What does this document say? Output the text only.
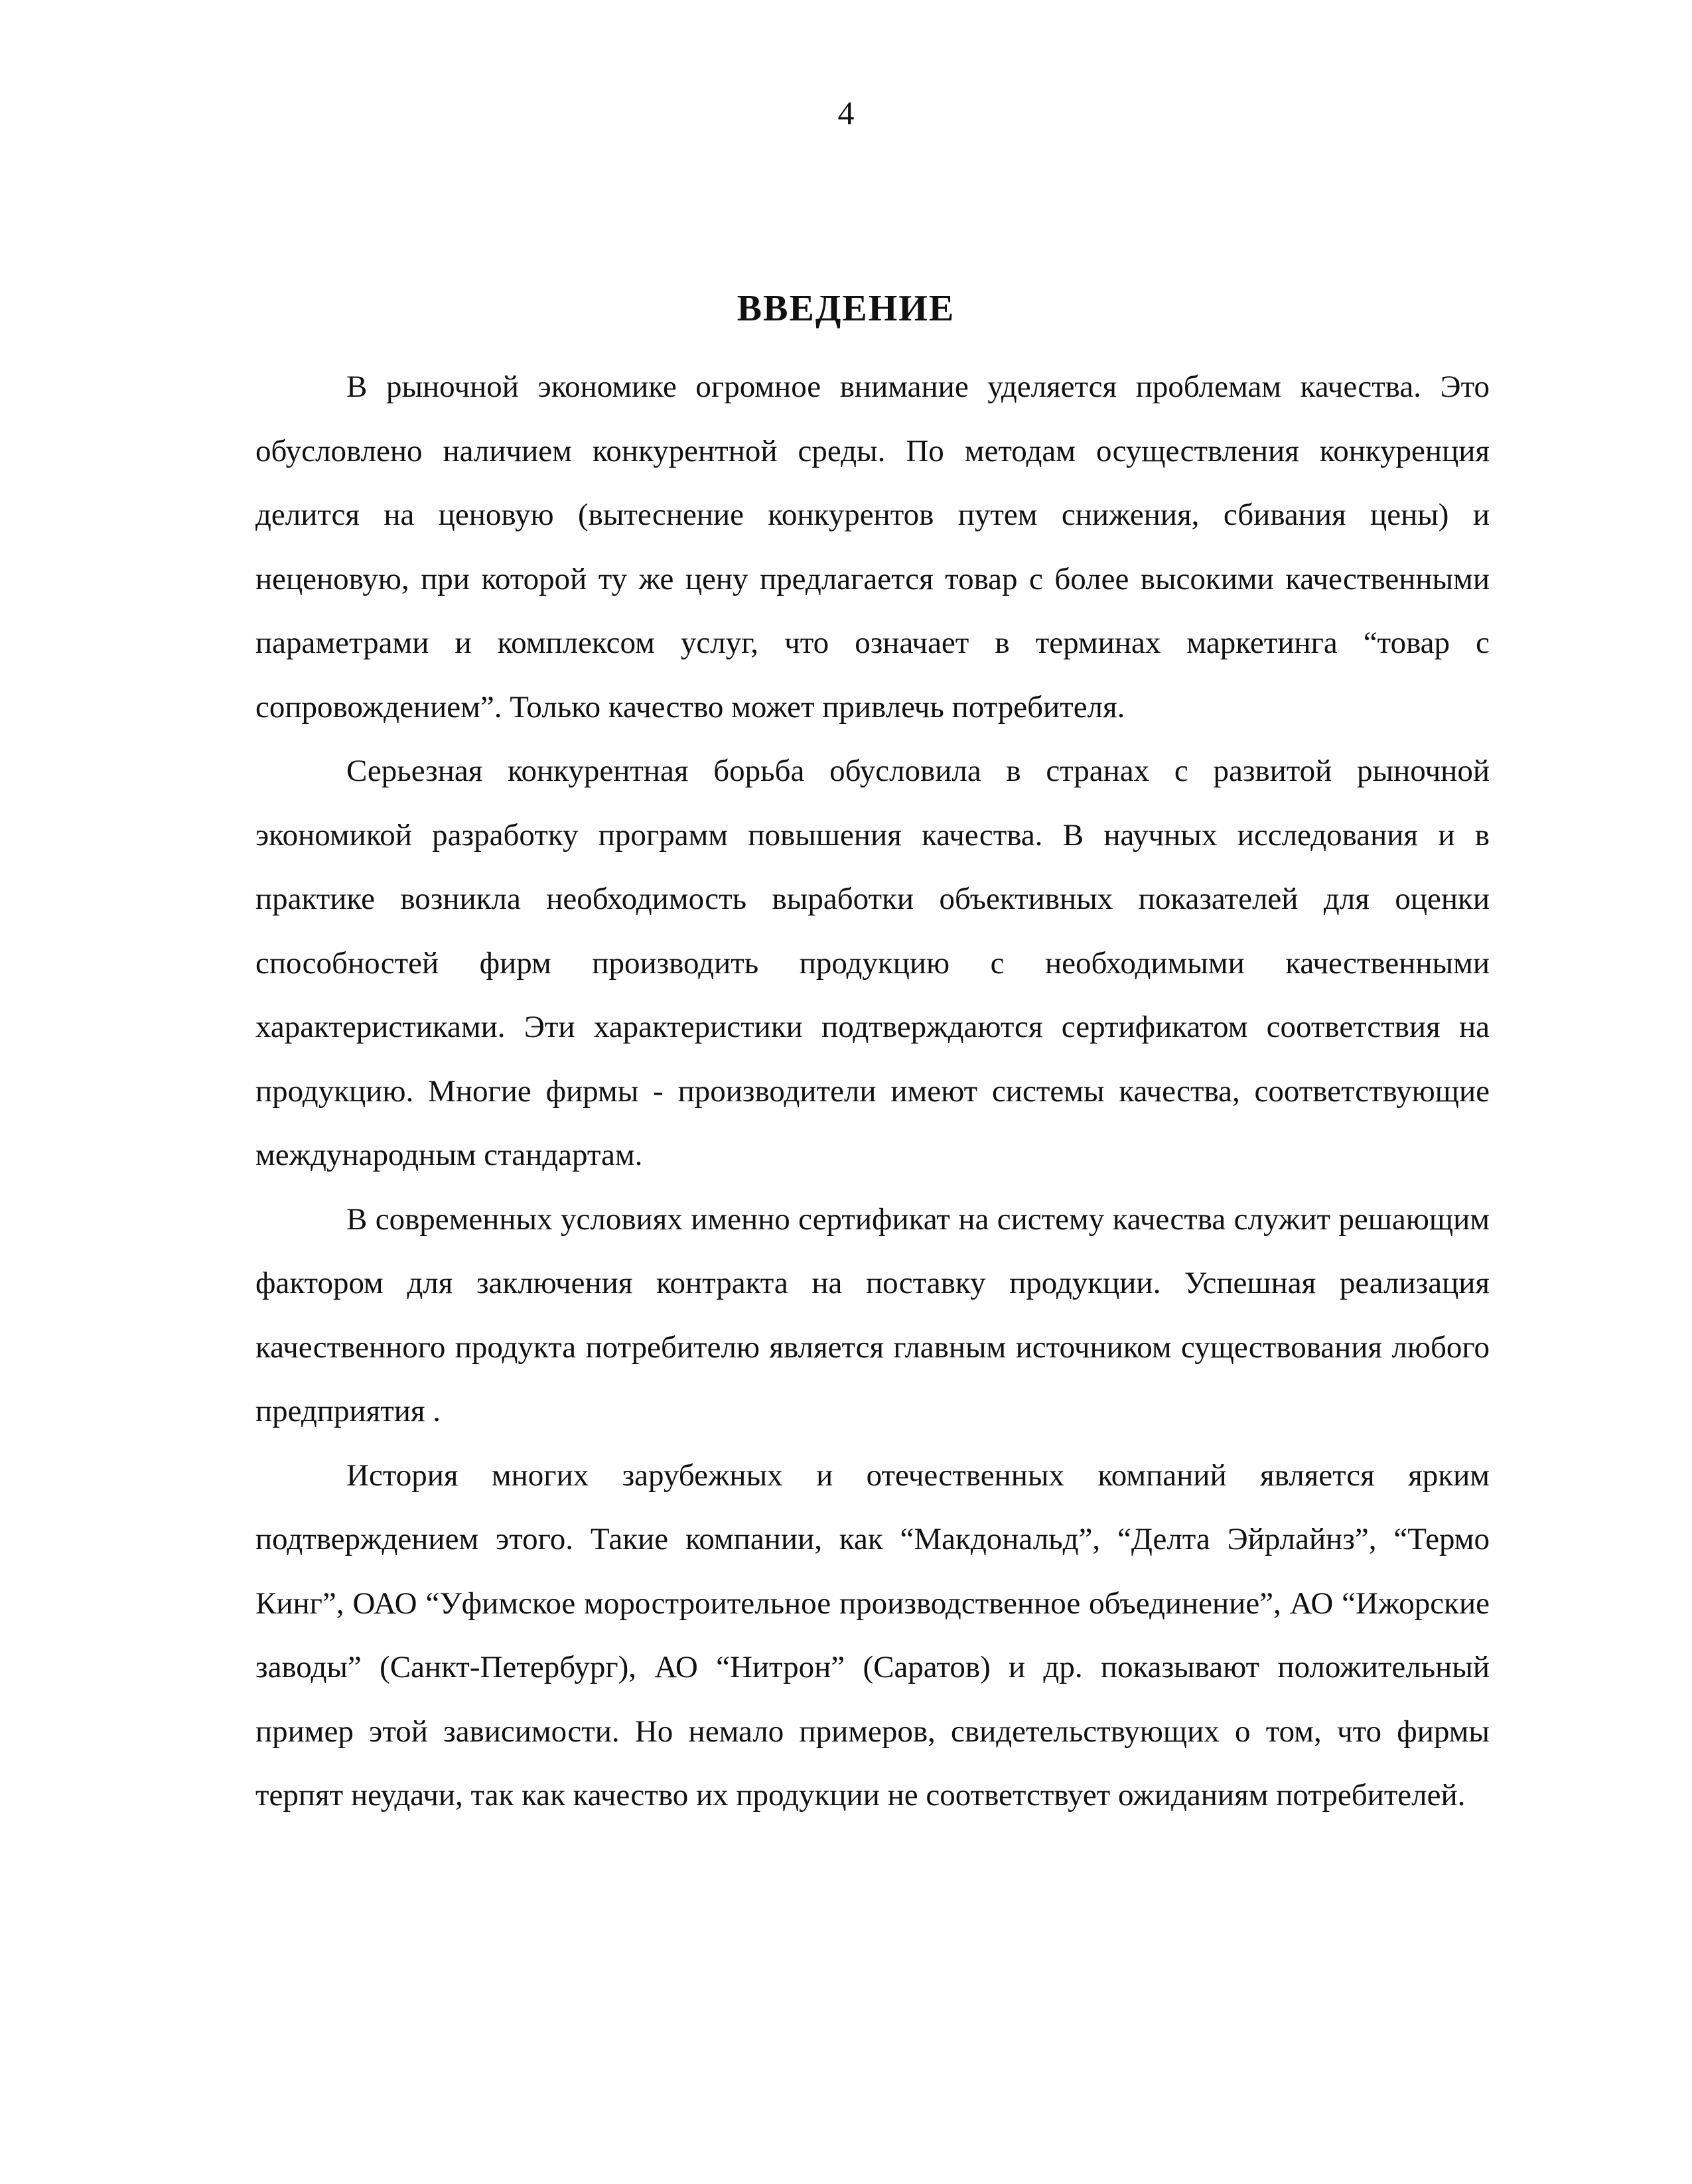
4
ВВЕДЕНИЕ

В рыночной экономике огромное внимание уделяется проблемам качества. Это обусловлено наличием конкурентной среды. По методам осуществления конкуренция делится на ценовую (вытеснение конкурентов путем снижения, сбивания цены) и неценовую, при которой ту же цену предлагается товар с более высокими качественными параметрами и комплексом услуг, что означает в терминах маркетинга “товар с сопровождением”. Только качество может привлечь потребителя.

Серьезная конкурентная борьба обусловила в странах с развитой рыночной экономикой разработку программ повышения качества. В научных исследования и в практике возникла необходимость выработки объективных показателей для оценки способностей фирм производить продукцию с необходимыми качественными характеристиками. Эти характеристики подтверждаются сертификатом соответствия на продукцию. Многие фирмы - производители имеют системы качества, соответствующие международным стандартам.

В современных условиях именно сертификат на систему качества служит решающим фактором для заключения контракта на поставку продукции. Успешная реализация качественного продукта потребителю является главным источником существования любого предприятия .

История многих зарубежных и отечественных компаний является ярким подтверждением этого. Такие компании, как “Макдональд”, “Делта Эйрлайнз”, “Термо Кинг”, ОАО “Уфимское моростроительное производственное объединение”, АО “Ижорские заводы” (Санкт-Петербург), АО “Нитрон” (Саратов) и др. показывают положительный пример этой зависимости. Но немало примеров, свидетельствующих о том, что фирмы терпят неудачи, так как качество их продукции не соответствует ожиданиям потребителей.
